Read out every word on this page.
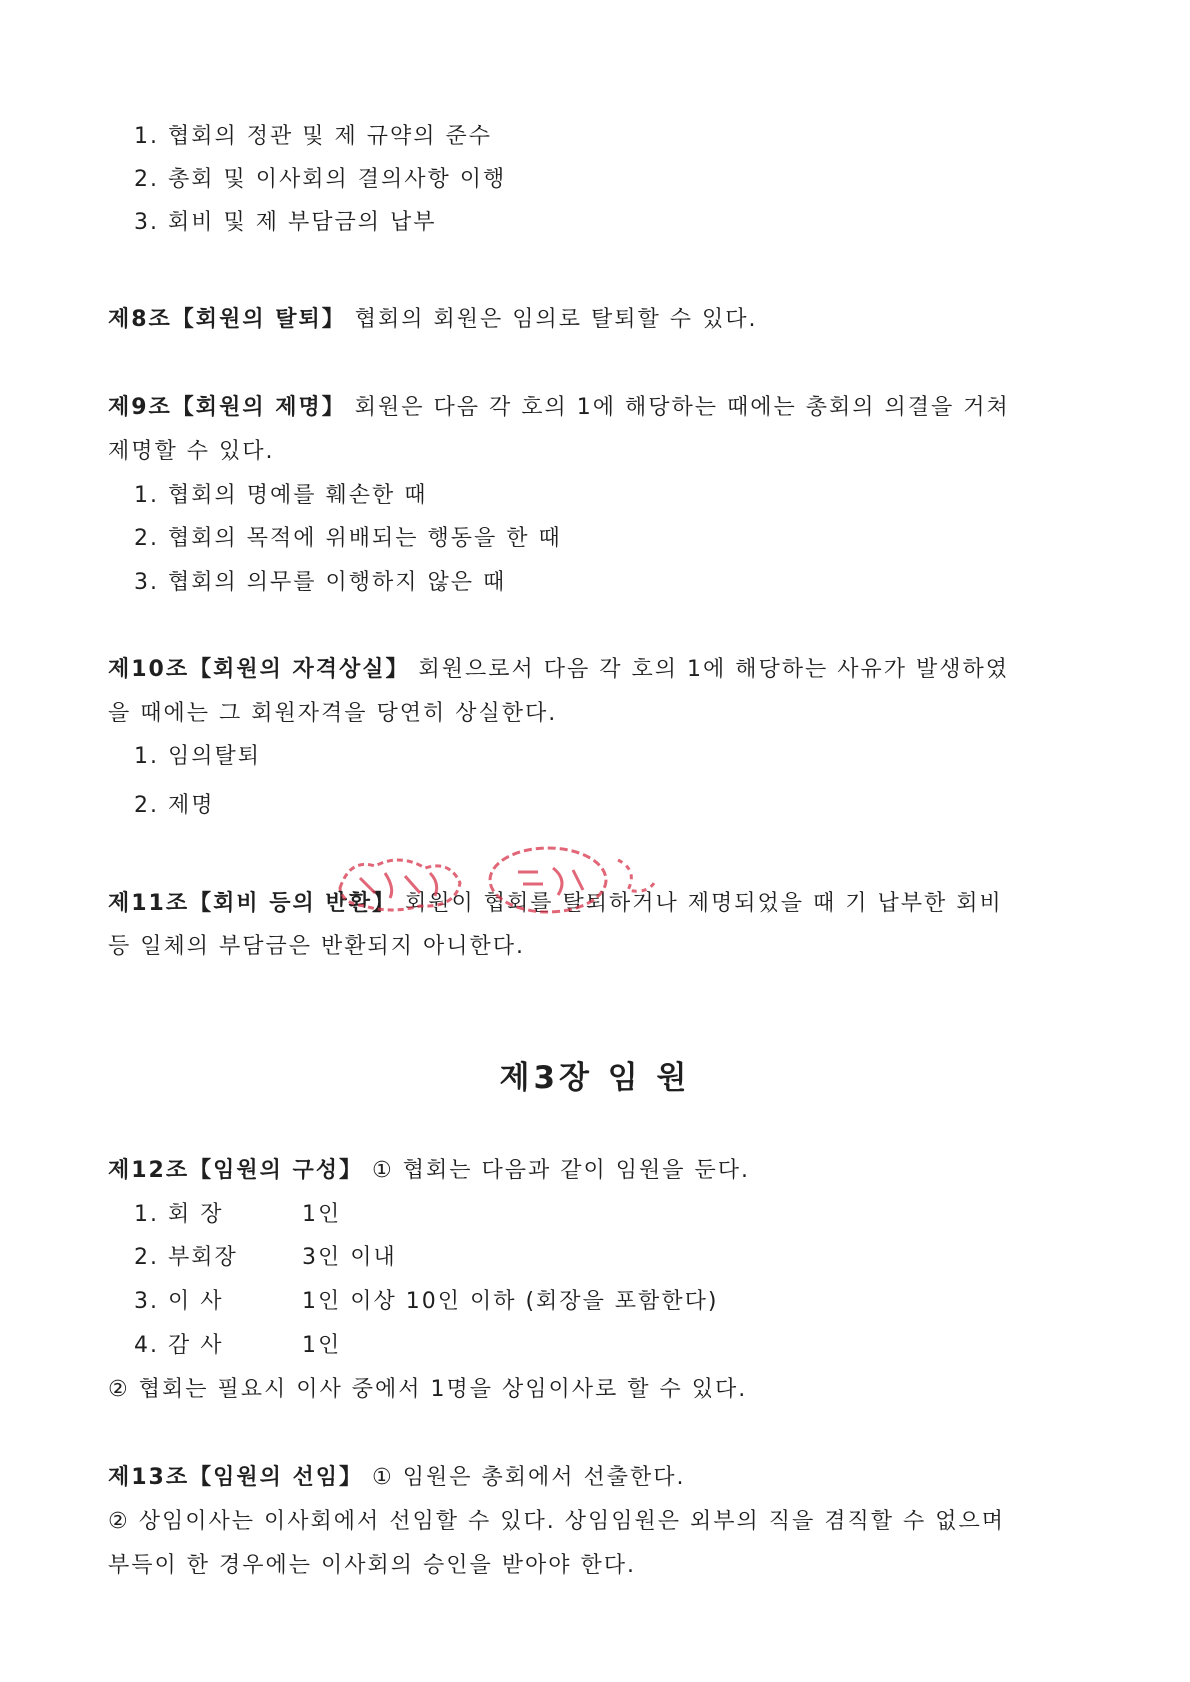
1. 협회의 정관 및 제 규약의 준수
2. 총회 및 이사회의 결의사항 이행
3. 회비 및 제 부담금의 납부
제8조【회원의 탈퇴】 협회의 회원은 임의로 탈퇴할 수 있다.
제9조【회원의 제명】 회원은 다음 각 호의 1에 해당하는 때에는 총회의 의결을 거쳐
제명할 수 있다.
1. 협회의 명예를 훼손한 때
2. 협회의 목적에 위배되는 행동을 한 때
3. 협회의 의무를 이행하지 않은 때
제10조【회원의 자격상실】 회원으로서 다음 각 호의 1에 해당하는 사유가 발생하였
을 때에는 그 회원자격을 당연히 상실한다.
1. 임의탈퇴
2. 제명
제11조【회비 등의 반환】 회원이 협회를 탈퇴하거나 제명되었을 때 기 납부한 회비
등 일체의 부담금은 반환되지 아니한다.
제3장 임 원
제12조【임원의 구성】 ① 협회는 다음과 같이 임원을 둔다.
1. 회 장	1인
2. 부회장	3인 이내
3. 이 사	1인 이상 10인 이하 (회장을 포함한다)
4. 감 사	1인
② 협회는 필요시 이사 중에서 1명을 상임이사로 할 수 있다.
제13조【임원의 선임】 ① 임원은 총회에서 선출한다.
② 상임이사는 이사회에서 선임할 수 있다. 상임임원은 외부의 직을 겸직할 수 없으며
부득이 한 경우에는 이사회의 승인을 받아야 한다.
